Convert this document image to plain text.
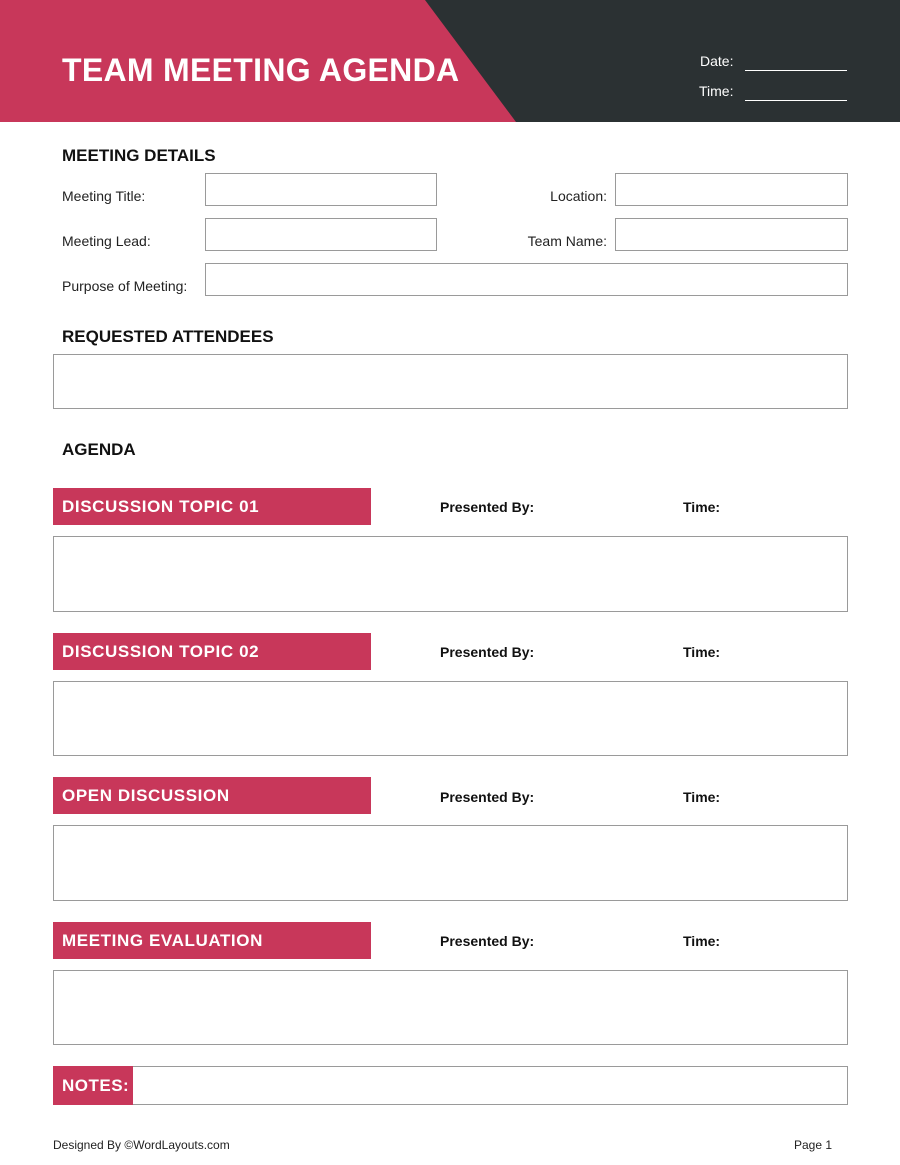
TEAM MEETING AGENDA	Date:
Time:
MEETING DETAILS
Meeting Title:	Location:
Meeting Lead:	Team Name:
Purpose of Meeting:
REQUESTED ATTENDEES
AGENDA
DISCUSSION TOPIC 01	Presented By:	Time:
DISCUSSION TOPIC 02	Presented By:	Time:
OPEN DISCUSSION	Presented By:	Time:
MEETING EVALUATION	Presented By:	Time:
NOTES:
Designed By ©WordLayouts.com	Page 1
